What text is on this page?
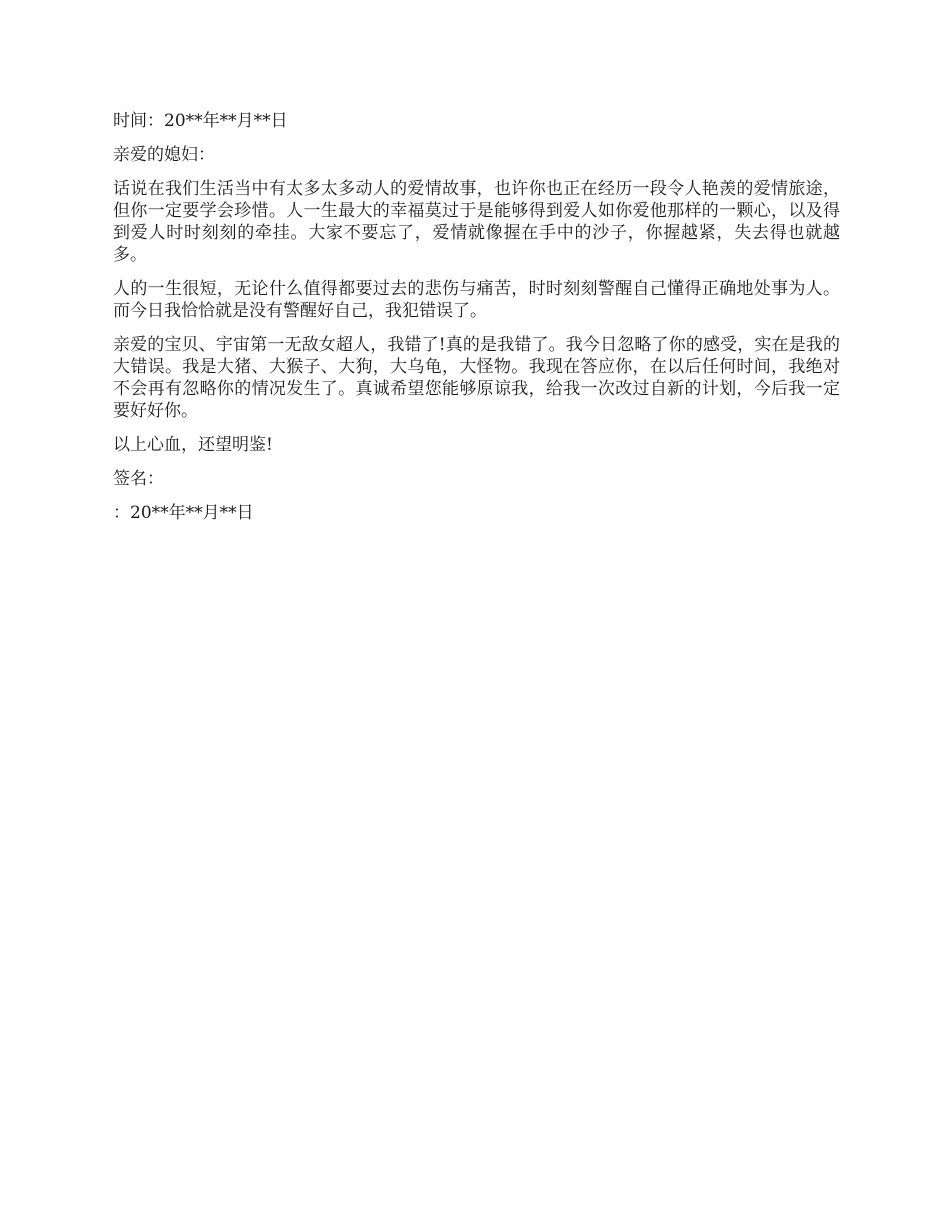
时间：20**年**月**日

亲爱的媳妇：

话说在我们生活当中有太多太多动人的爱情故事，也许你也正在经历一段令人艳羡的爱情旅途，但你一定要学会珍惜。人一生最大的幸福莫过于是能够得到爱人如你爱他那样的一颗心，以及得到爱人时时刻刻的牵挂。大家不要忘了，爱情就像握在手中的沙子，你握越紧，失去得也就越多。

人的一生很短，无论什么值得都要过去的悲伤与痛苦，时时刻刻警醒自己懂得正确地处事为人。而今日我恰恰就是没有警醒好自己，我犯错误了。

亲爱的宝贝、宇宙第一无敌女超人，我错了!真的是我错了。我今日忽略了你的感受，实在是我的大错误。我是大猪、大猴子、大狗，大乌龟，大怪物。我现在答应你，在以后任何时间，我绝对不会再有忽略你的情况发生了。真诚希望您能够原谅我，给我一次改过自新的计划，今后我一定要好好你。

以上心血，还望明鉴!

签名：

：20**年**月**日
